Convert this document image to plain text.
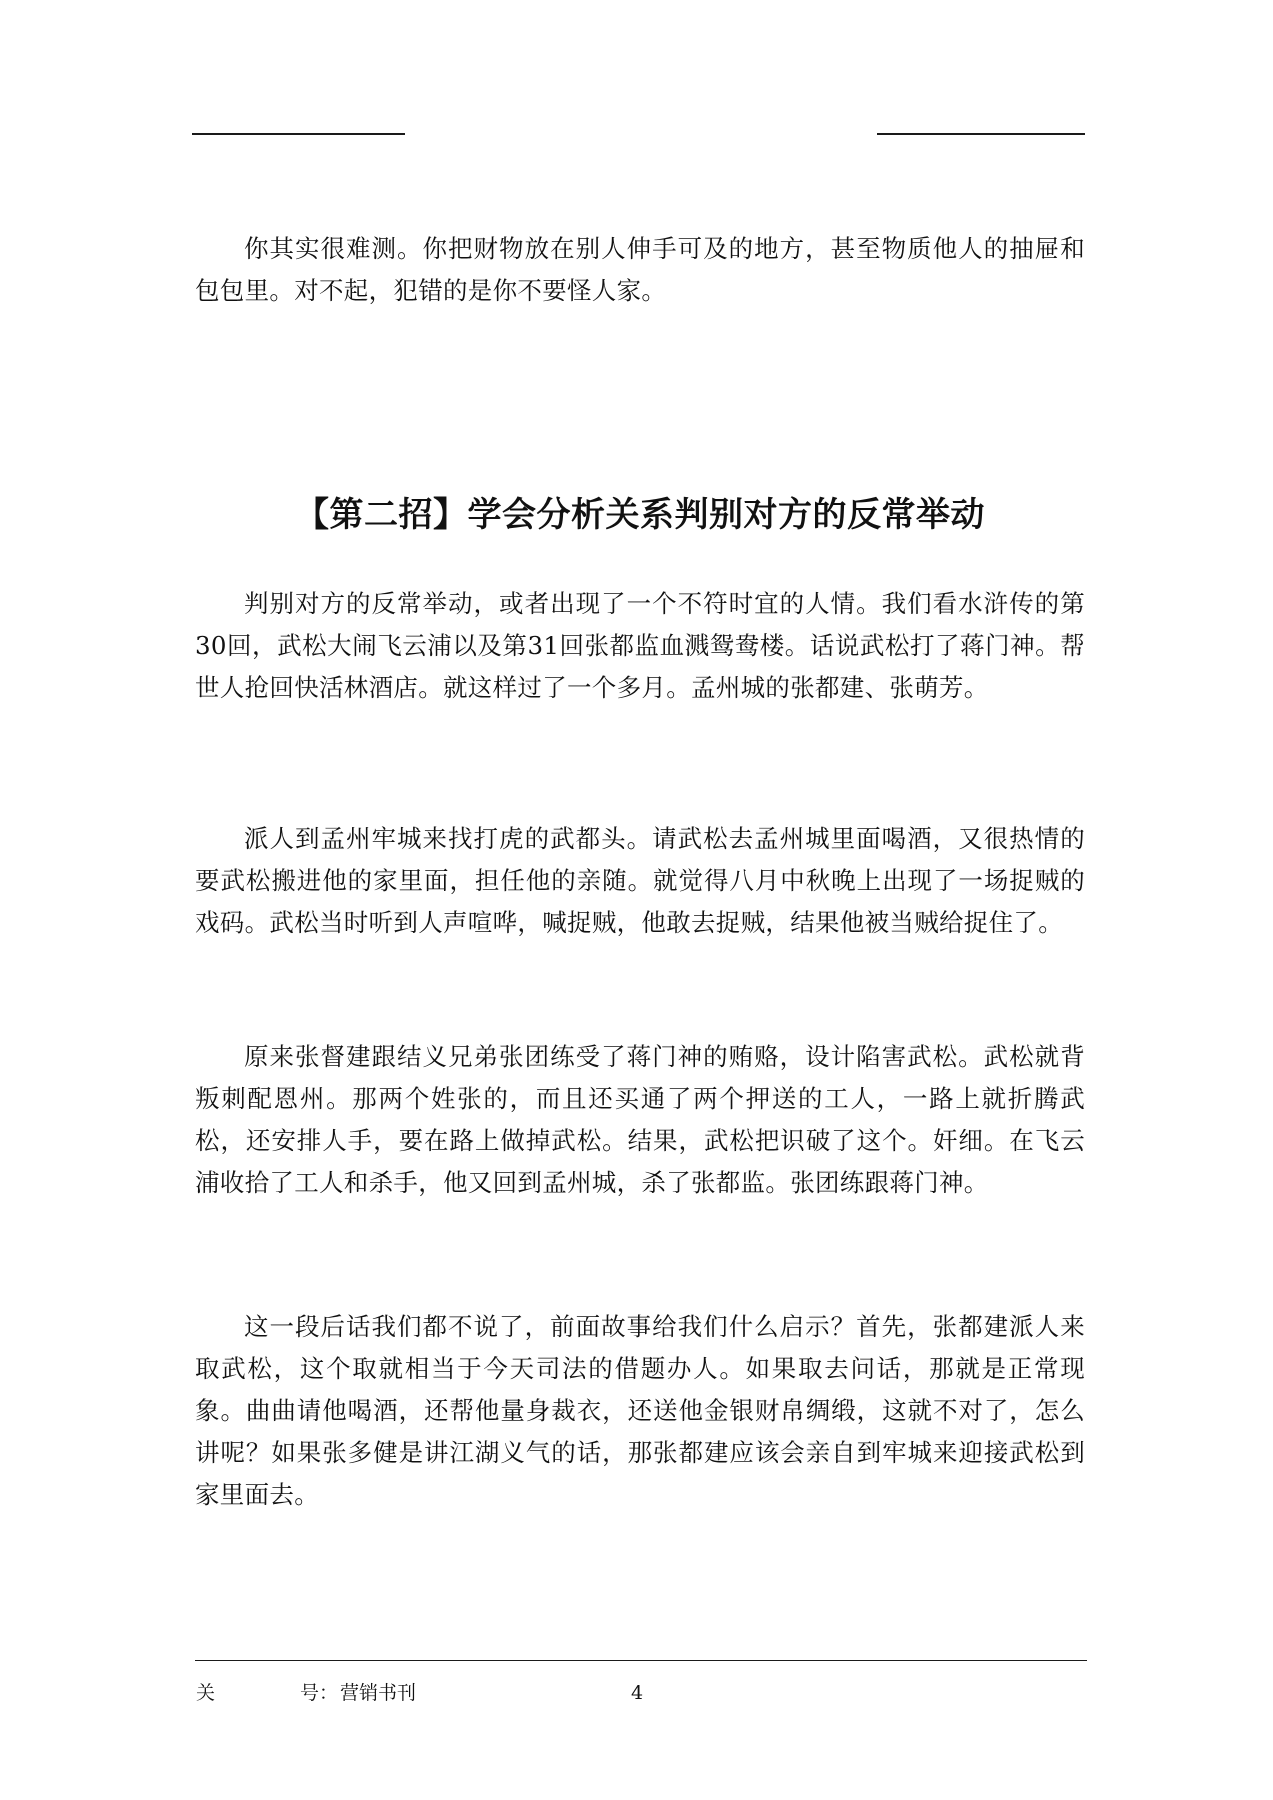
你其实很难测。你把财物放在别人伸手可及的地方，甚至物质他人的抽屉和包包里。对不起，犯错的是你不要怪人家。

【第二招】学会分析关系判别对方的反常举动

判别对方的反常举动，或者出现了一个不符时宜的人情。我们看水浒传的第30回，武松大闹飞云浦以及第31回张都监血溅鸳鸯楼。话说武松打了蒋门神。帮世人抢回快活林酒店。就这样过了一个多月。孟州城的张都建、张萌芳。

派人到孟州牢城来找打虎的武都头。请武松去孟州城里面喝酒，又很热情的要武松搬进他的家里面，担任他的亲随。就觉得八月中秋晚上出现了一场捉贼的戏码。武松当时听到人声喧哗，喊捉贼，他敢去捉贼，结果他被当贼给捉住了。

原来张督建跟结义兄弟张团练受了蒋门神的贿赂，设计陷害武松。武松就背叛刺配恩州。那两个姓张的，而且还买通了两个押送的工人，一路上就折腾武松，还安排人手，要在路上做掉武松。结果，武松把识破了这个。奸细。在飞云浦收拾了工人和杀手，他又回到孟州城，杀了张都监。张团练跟蒋门神。

这一段后话我们都不说了，前面故事给我们什么启示？首先，张都建派人来取武松，这个取就相当于今天司法的借题办人。如果取去问话，那就是正常现象。曲曲请他喝酒，还帮他量身裁衣，还送他金银财帛绸缎，这就不对了，怎么讲呢？如果张多健是讲江湖义气的话，那张都建应该会亲自到牢城来迎接武松到家里面去。

关	号： 营销书刊	4
